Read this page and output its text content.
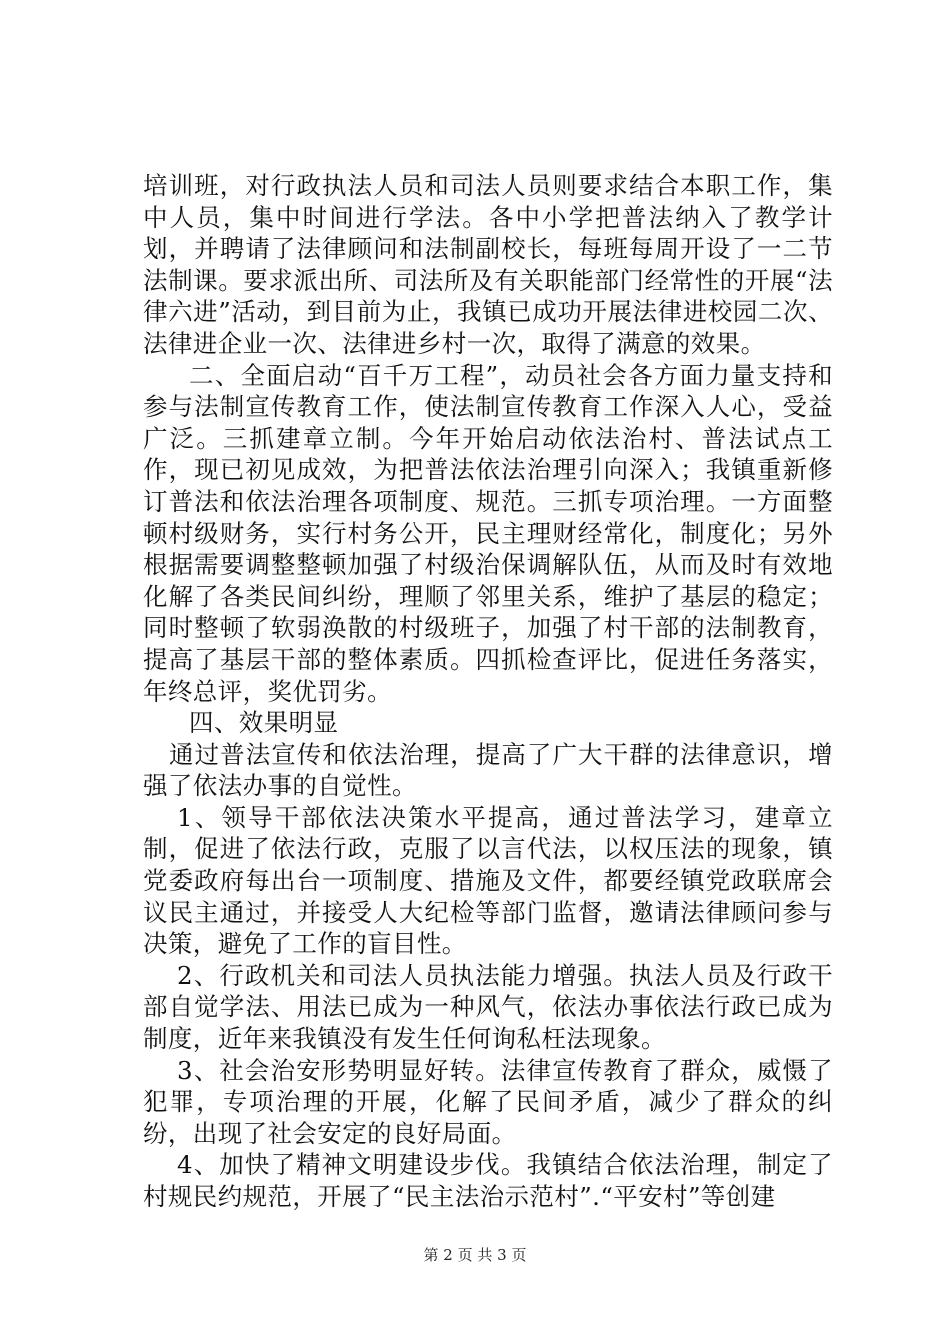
培训班，对行政执法人员和司法人员则要求结合本职工作，集中人员，集中时间进行学法。各中小学把普法纳入了教学计划，并聘请了法律顾问和法制副校长，每班每周开设了一二节法制课。要求派出所、司法所及有关职能部门经常性的开展“法律六进”活动，到目前为止，我镇已成功开展法律进校园二次、法律进企业一次、法律进乡村一次，取得了满意的效果。

二、全面启动“百千万工程”，动员社会各方面力量支持和参与法制宣传教育工作，使法制宣传教育工作深入人心，受益广泛。三抓建章立制。今年开始启动依法治村、普法试点工作，现已初见成效，为把普法依法治理引向深入；我镇重新修订普法和依法治理各项制度、规范。三抓专项治理。一方面整顿村级财务，实行村务公开，民主理财经常化，制度化；另外根据需要调整整顿加强了村级治保调解队伍，从而及时有效地化解了各类民间纠纷，理顺了邻里关系，维护了基层的稳定；同时整顿了软弱涣散的村级班子，加强了村干部的法制教育，提高了基层干部的整体素质。四抓检查评比，促进任务落实，年终总评，奖优罚劣。

四、效果明显

通过普法宣传和依法治理，提高了广大干群的法律意识，增强了依法办事的自觉性。

1、领导干部依法决策水平提高，通过普法学习，建章立制，促进了依法行政，克服了以言代法，以权压法的现象，镇党委政府每出台一项制度、措施及文件，都要经镇党政联席会议民主通过，并接受人大纪检等部门监督，邀请法律顾问参与决策，避免了工作的盲目性。

2、行政机关和司法人员执法能力增强。执法人员及行政干部自觉学法、用法已成为一种风气，依法办事依法行政已成为制度，近年来我镇没有发生任何询私枉法现象。

3、社会治安形势明显好转。法律宣传教育了群众，威慑了犯罪，专项治理的开展，化解了民间矛盾，减少了群众的纠纷，出现了社会安定的良好局面。

4、加快了精神文明建设步伐。我镇结合依法治理，制定了村规民约规范，开展了“民主法治示范村”.“平安村”等创建

第 2 页 共 3 页
